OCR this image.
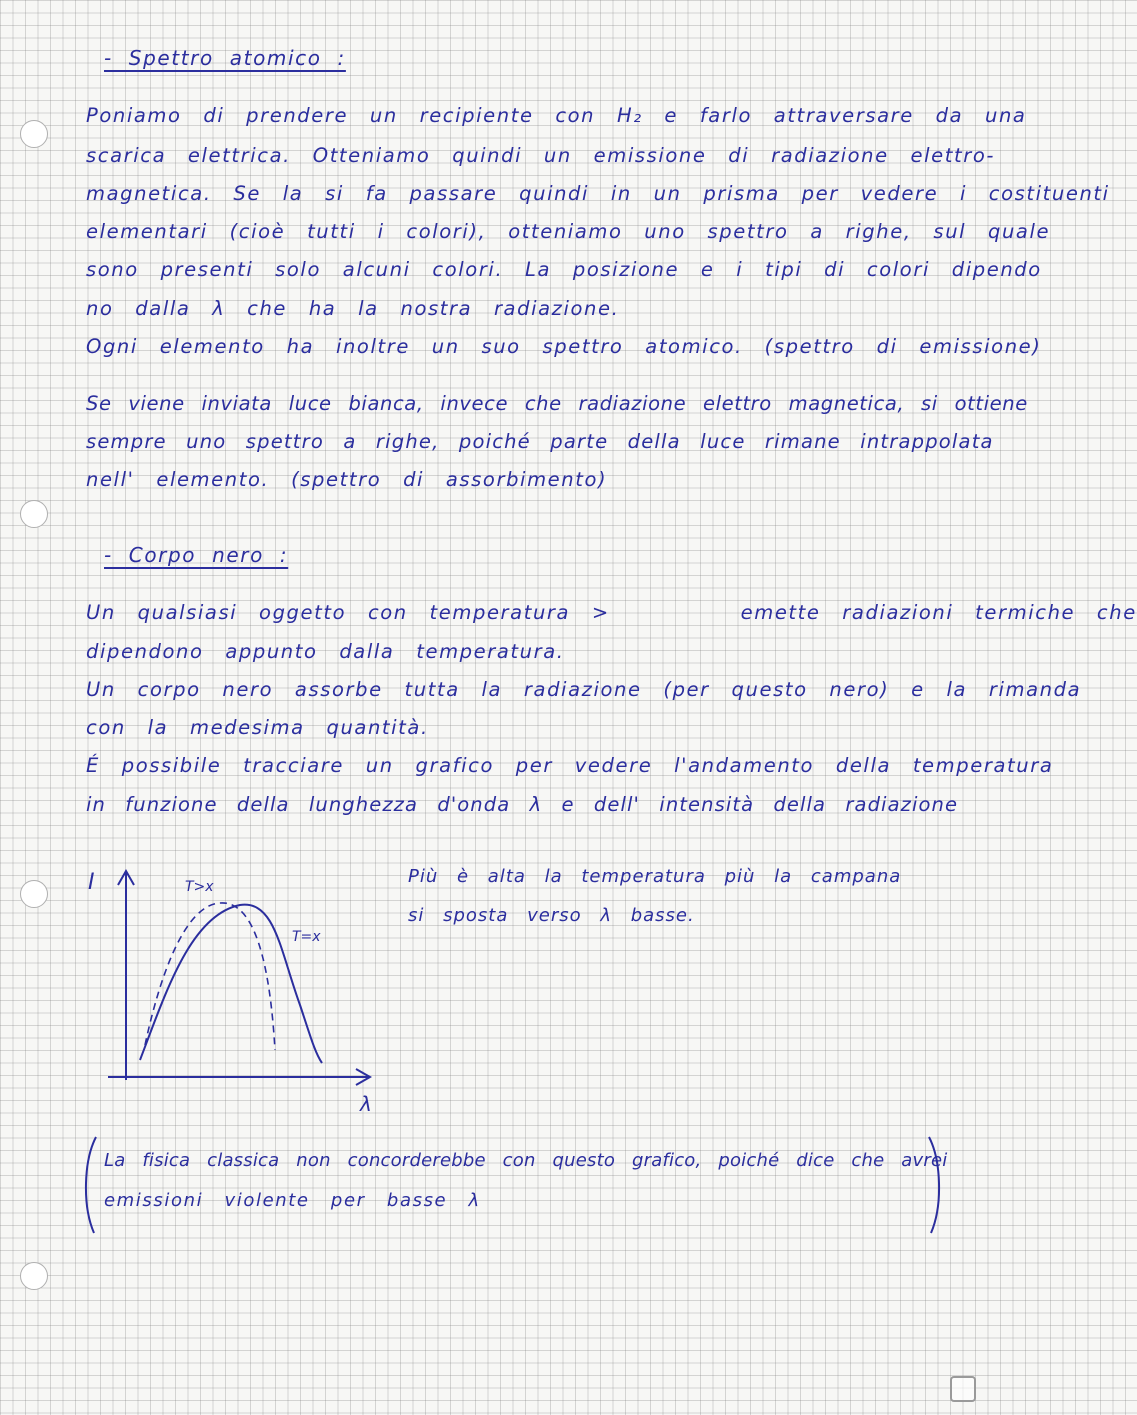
- Spettro atomico :
Poniamo di prendere un recipiente con H₂ e farlo attraversare da una
scarica elettrica. Otteniamo quindi un emissione di radiazione elettro-
magnetica. Se la si fa passare quindi in un prisma per vedere i costituenti
elementari (cioè tutti i colori), otteniamo uno spettro a righe, sul quale
sono presenti solo alcuni colori. La posizione e i tipi di colori dipendo
no dalla λ che ha la nostra radiazione.
Ogni elemento ha inoltre un suo spettro atomico. (spettro di emissione)
Se viene inviata luce bianca, invece che radiazione elettro magnetica, si ottiene
sempre uno spettro a righe, poiché parte della luce rimane intrappolata
nell' elemento. (spettro di assorbimento)
- Corpo nero :
Un qualsiasi oggetto con temperatura >      emette radiazioni termiche che
dipendono appunto dalla temperatura.
Un corpo nero assorbe tutta la radiazione (per questo nero) e la rimanda
con la medesima quantità.
É possibile tracciare un grafico per vedere l'andamento della temperatura
in funzione della lunghezza d'onda λ e dell' intensità della radiazione
I
λ
T>x
T=x
Più è alta la temperatura più la campana
si sposta verso λ basse.
La fisica classica non concorderebbe con questo grafico, poiché dice che avrei
emissioni violente per basse λ
